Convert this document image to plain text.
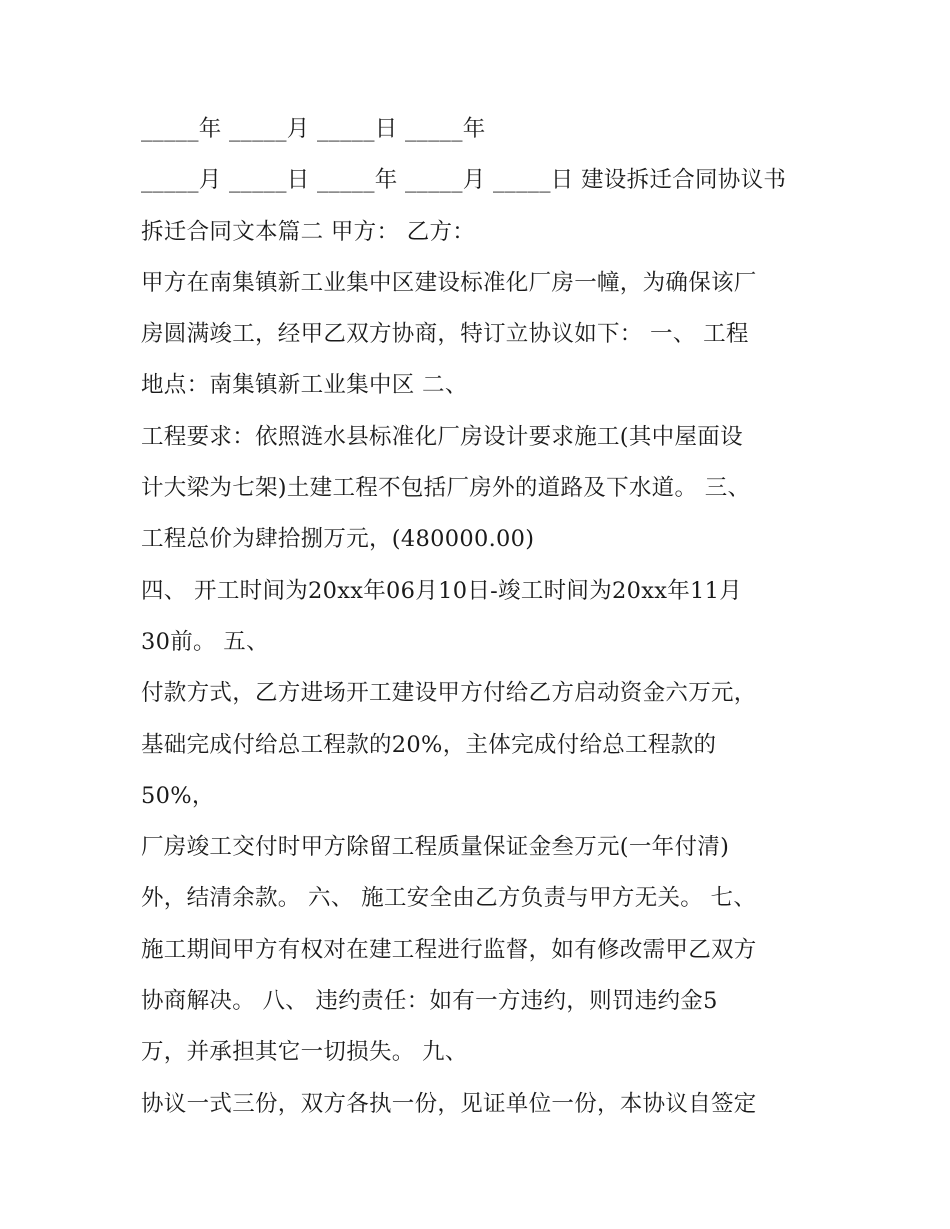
_____年 _____月 _____日 _____年
_____月 _____日 _____年 _____月 _____日 建设拆迁合同协议书
拆迁合同文本篇二 甲方： 乙方：
甲方在南集镇新工业集中区建设标准化厂房一幢，为确保该厂
房圆满竣工，经甲乙双方协商，特订立协议如下： 一、 工程
地点：南集镇新工业集中区 二、
工程要求：依照涟水县标准化厂房设计要求施工(其中屋面设
计大梁为七架)土建工程不包括厂房外的道路及下水道。 三、
工程总价为肆拾捌万元，(480000.00)
四、 开工时间为20xx年06月10日-竣工时间为20xx年11月
30前。 五、
付款方式，乙方进场开工建设甲方付给乙方启动资金六万元，
基础完成付给总工程款的20%，主体完成付给总工程款的
50%，
厂房竣工交付时甲方除留工程质量保证金叁万元(一年付清)
外，结清余款。 六、 施工安全由乙方负责与甲方无关。 七、
施工期间甲方有权对在建工程进行监督，如有修改需甲乙双方
协商解决。 八、 违约责任：如有一方违约，则罚违约金5
万，并承担其它一切损失。 九、
协议一式三份，双方各执一份，见证单位一份，本协议自签定
